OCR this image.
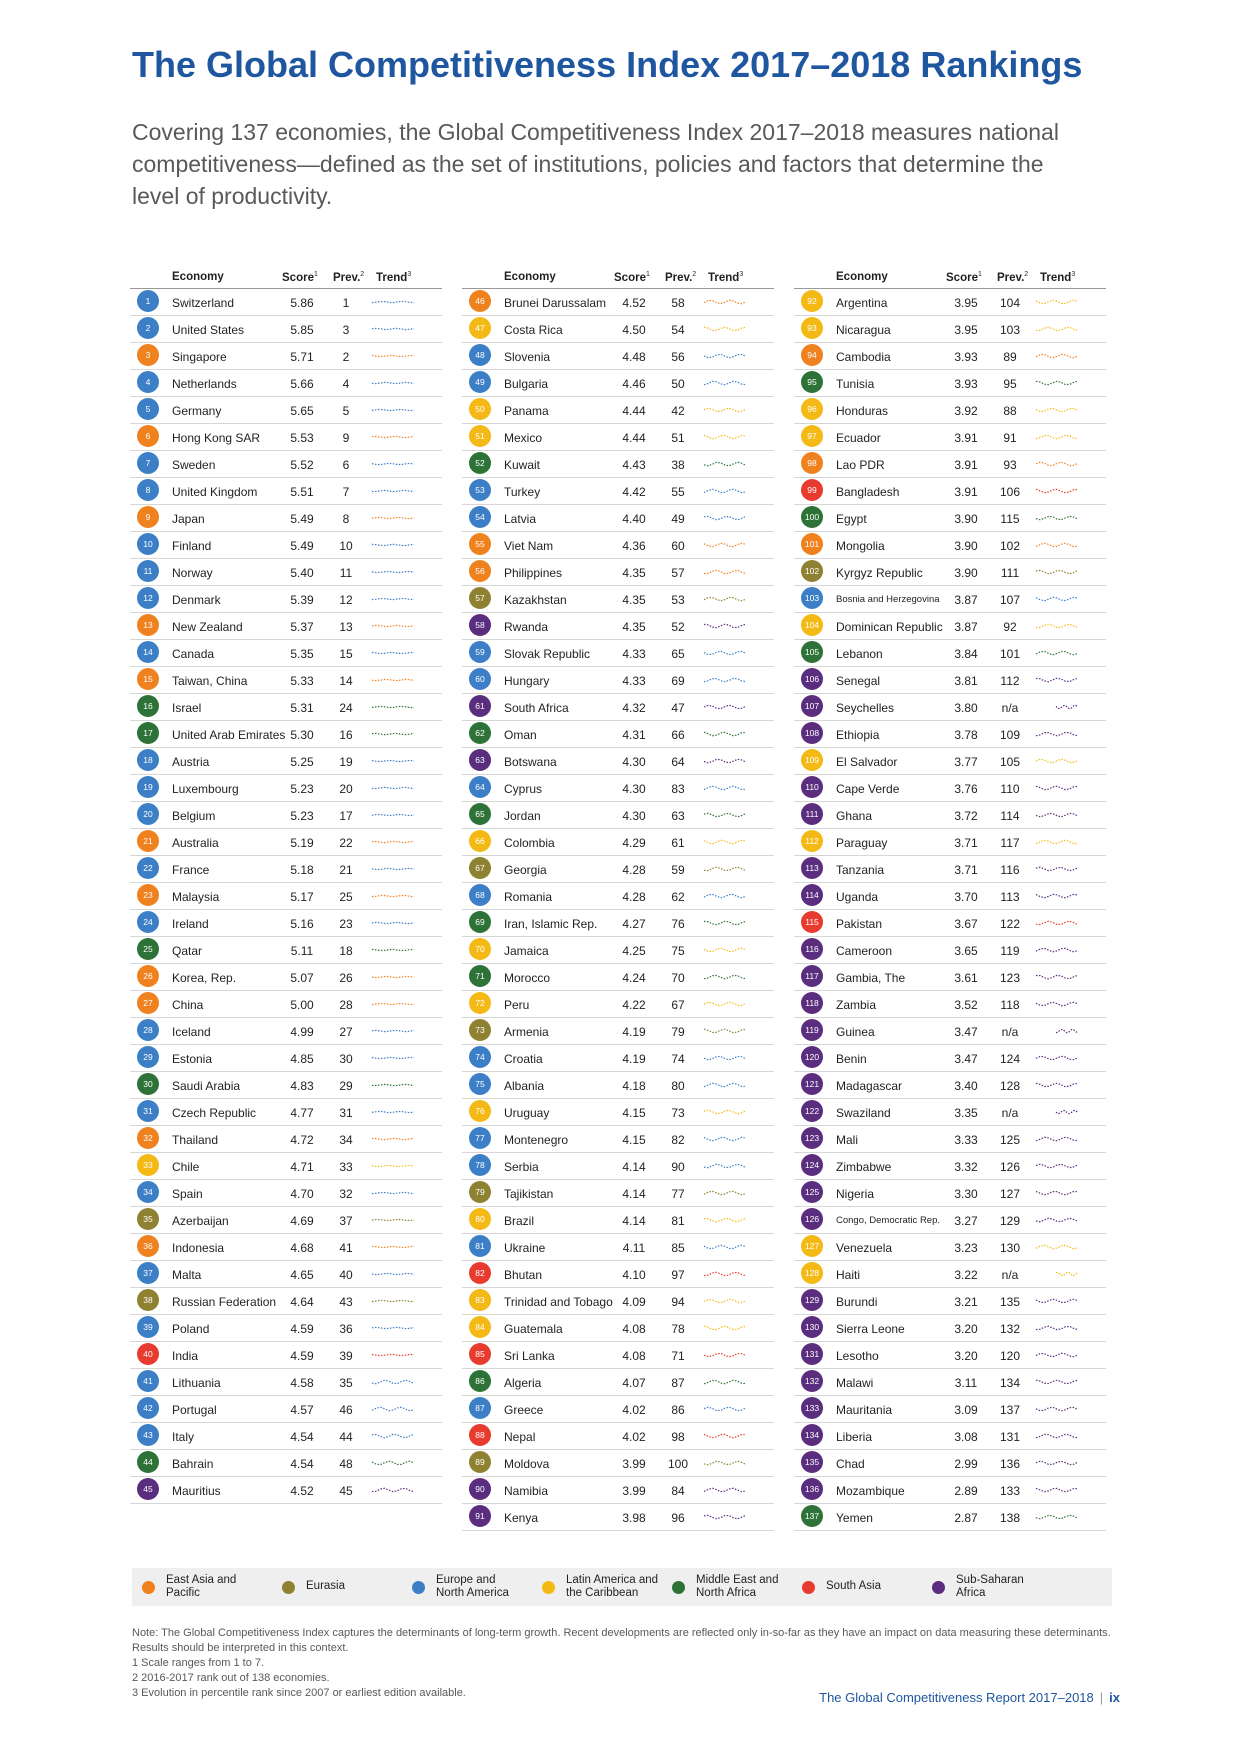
The Global Competitiveness Index 2017–2018 Rankings

Covering 137 economies, the Global Competitiveness Index 2017–2018 measures national competitiveness—defined as the set of institutions, policies and factors that determine the level of productivity.

Economy	Score$^1$ Prev.$^2$ Trend$^3$
1	Switzerland	5.86	1
2	United States	5.85	3
3	Singapore	5.71	2
4	Netherlands	5.66	4
5	Germany	5.65	5
6	Hong Kong SAR	5.53	9
7	Sweden	5.52	6
8	United Kingdom	5.51	7
9	Japan	5.49	8
10	Finland	5.49	10
11	Norway	5.40	11
12	Denmark	5.39	12
13	New Zealand	5.37	13
14	Canada	5.35	15
15	Taiwan, China	5.33	14
16	Israel	5.31	24
17	United Arab Emirates 5.30	16
18	Austria	5.25	19
19	Luxembourg	5.23	20
20	Belgium	5.23	17
21	Australia	5.19	22
22	France	5.18	21
23	Malaysia	5.17	25
24	Ireland	5.16	23
25	Qatar	5.11	18
26	Korea, Rep.	5.07	26
27	China	5.00	28
28	Iceland	4.99	27
29	Estonia	4.85	30
30	Saudi Arabia	4.83	29
31	Czech Republic	4.77	31
32	Thailand	4.72	34
33	Chile	4.71	33
34	Spain	4.70	32
35	Azerbaijan	4.69	37
36	Indonesia	4.68	41
37	Malta	4.65	40
38	Russian Federation	4.64	43
39	Poland	4.59	36
40	India	4.59	39
41	Lithuania	4.58	35
42	Portugal	4.57	46
43	Italy	4.54	44
44	Bahrain	4.54	48
45	Mauritius	4.52	45
Economy	Score$^1$ Prev.$^2$ Trend$^3$
46	Brunei Darussalam	4.52	58
47	Costa Rica	4.50	54
48	Slovenia	4.48	56
49	Bulgaria	4.46	50
50	Panama	4.44	42
51	Mexico	4.44	51
52	Kuwait	4.43	38
53	Turkey	4.42	55
54	Latvia	4.40	49
55	Viet Nam	4.36	60
56	Philippines	4.35	57
57	Kazakhstan	4.35	53
58	Rwanda	4.35	52
59	Slovak Republic	4.33	65
60	Hungary	4.33	69
61	South Africa	4.32	47
62	Oman	4.31	66
63	Botswana	4.30	64
64	Cyprus	4.30	83
65	Jordan	4.30	63
66	Colombia	4.29	61
67	Georgia	4.28	59
68	Romania	4.28	62
69	Iran, Islamic Rep.	4.27	76
70	Jamaica	4.25	75
71	Morocco	4.24	70
72	Peru	4.22	67
73	Armenia	4.19	79
74	Croatia	4.19	74
75	Albania	4.18	80
76	Uruguay	4.15	73
77	Montenegro	4.15	82
78	Serbia	4.14	90
79	Tajikistan	4.14	77
80	Brazil	4.14	81
81	Ukraine	4.11	85
82	Bhutan	4.10	97
83	Trinidad and Tobago 4.09	94
84	Guatemala	4.08	78
85	Sri Lanka	4.08	71
86	Algeria	4.07	87
87	Greece	4.02	86
88	Nepal	4.02	98
89	Moldova	3.99	100
90	Namibia	3.99	84
91	Kenya	3.98	96
Economy	Score$^1$ Prev.$^2$ Trend$^3$
92	Argentina	3.95	104
93	Nicaragua	3.95	103
94	Cambodia	3.93	89
95	Tunisia	3.93	95
96	Honduras	3.92	88
97	Ecuador	3.91	91
98	Lao PDR	3.91	93
99	Bangladesh	3.91	106
100	Egypt	3.90	115
101	Mongolia	3.90	102
102	Kyrgyz Republic	3.90	111
103	Bosnia and Herzegovina	3.87	107
104	Dominican Republic 3.87	92
105	Lebanon	3.84	101
106	Senegal	3.81	112
107	Seychelles	3.80	n/a
108	Ethiopia	3.78	109
109	El Salvador	3.77	105
110	Cape Verde	3.76	110
111	Ghana	3.72	114
112	Paraguay	3.71	117
113	Tanzania	3.71	116
114	Uganda	3.70	113
115	Pakistan	3.67	122
116	Cameroon	3.65	119
117	Gambia, The	3.61	123
118	Zambia	3.52	118
119	Guinea	3.47	n/a
120	Benin	3.47	124
121	Madagascar	3.40	128
122	Swaziland	3.35	n/a
123	Mali	3.33	125
124	Zimbabwe	3.32	126
125	Nigeria	3.30	127
126	Congo, Democratic Rep.	3.27	129
127	Venezuela	3.23	130
128	Haiti	3.22	n/a
129	Burundi	3.21	135
130	Sierra Leone	3.20	132
131	Lesotho	3.20	120
132	Malawi	3.11	134
133	Mauritania	3.09	137
134	Liberia	3.08	131
135	Chad	2.99	136
136	Mozambique	2.89	133
137	Yemen	2.87	138
East Asia and
Pacific
Eurasia	Europe and
North America
Latin America and
the Caribbean
Middle East and
North Africa
South Asia	Sub-Saharan
Africa

Note: The Global Competitiveness Index captures the determinants of long-term growth. Recent developments are reflected only in-so-far as they have an impact on data measuring these determinants. Results should be interpreted in this context.

1 Scale ranges from 1 to 7.

2 2016-2017 rank out of 138 economies.

3 Evolution in percentile rank since 2007 or earliest edition available.	The Global Competitiveness Report 2017–2018 | ix
